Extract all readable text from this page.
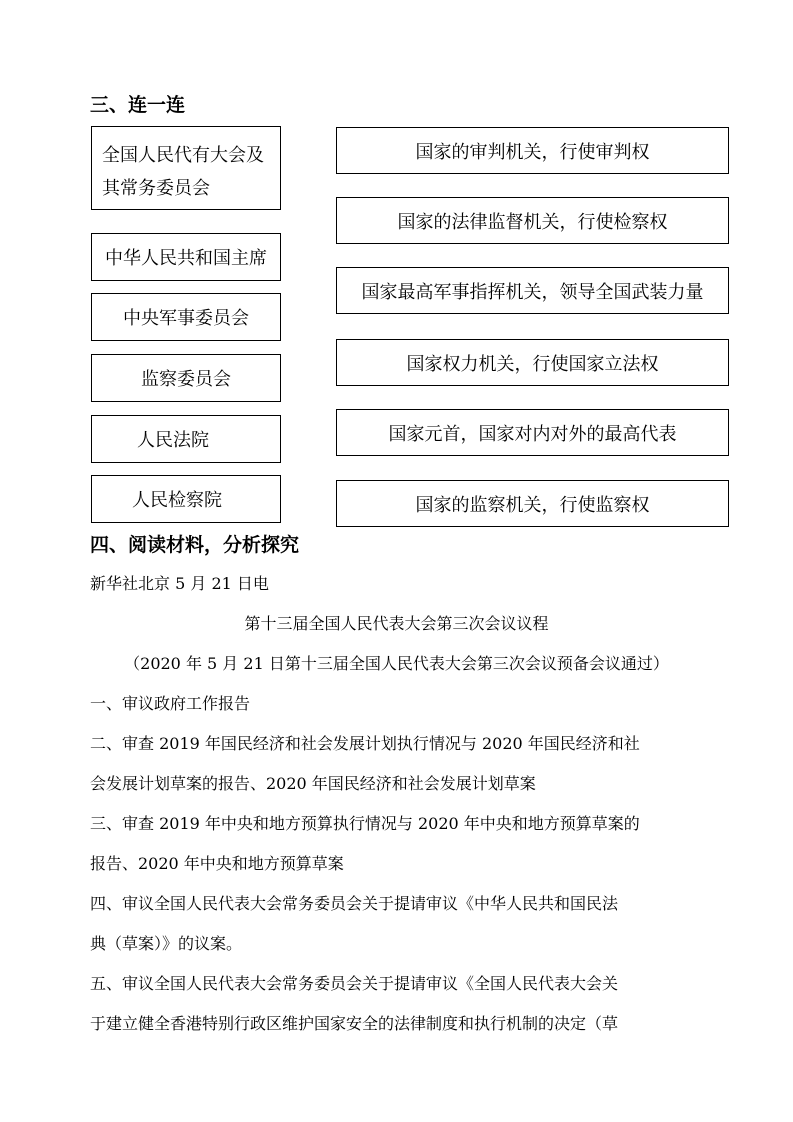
三、连一连
全国人民代有大会及其常务委员会
中华人民共和国主席
中央军事委员会
监察委员会
人民法院
人民检察院
国家的审判机关，行使审判权
国家的法律监督机关，行使检察权
国家最高军事指挥机关，领导全国武装力量
国家权力机关，行使国家立法权
国家元首，国家对内对外的最高代表
国家的监察机关，行使监察权
四、阅读材料，分析探究
新华社北京 5 月 21 日电
第十三届全国人民代表大会第三次会议议程
（2020 年 5 月 21 日第十三届全国人民代表大会第三次会议预备会议通过）
一、审议政府工作报告
二、审查 2019 年国民经济和社会发展计划执行情况与 2020 年国民经济和社
会发展计划草案的报告、2020 年国民经济和社会发展计划草案
三、审查 2019 年中央和地方预算执行情况与 2020 年中央和地方预算草案的
报告、2020 年中央和地方预算草案
四、审议全国人民代表大会常务委员会关于提请审议《中华人民共和国民法
典（草案）》的议案。
五、审议全国人民代表大会常务委员会关于提请审议《全国人民代表大会关
于建立健全香港特别行政区维护国家安全的法律制度和执行机制的决定（草
